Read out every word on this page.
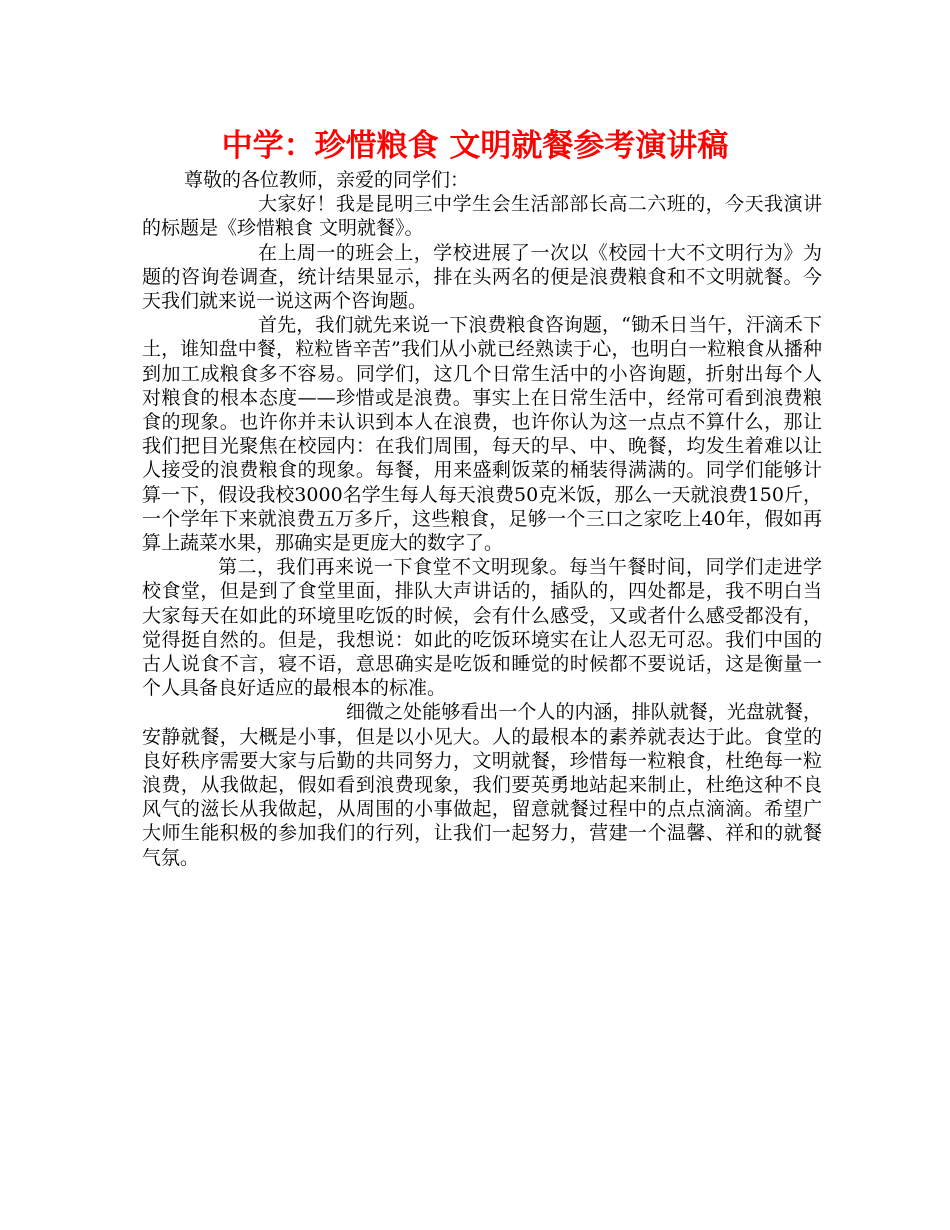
中学：珍惜粮食 文明就餐参考演讲稿

尊敬的各位教师，亲爱的同学们：

大家好！我是昆明三中学生会生活部部长高二六班的，今天我演讲的标题是《珍惜粮食 文明就餐》。

在上周一的班会上，学校进展了一次以《校园十大不文明行为》为题的咨询卷调查，统计结果显示，排在头两名的便是浪费粮食和不文明就餐。今天我们就来说一说这两个咨询题。

首先，我们就先来说一下浪费粮食咨询题，“锄禾日当午，汗滴禾下土，谁知盘中餐，粒粒皆辛苦”我们从小就已经熟读于心，也明白一粒粮食从播种到加工成粮食多不容易。同学们，这几个日常生活中的小咨询题，折射出每个人对粮食的根本态度——珍惜或是浪费。事实上在日常生活中，经常可看到浪费粮食的现象。也许你并未认识到本人在浪费，也许你认为这一点点不算什么，那让我们把目光聚焦在校园内：在我们周围，每天的早、中、晚餐，均发生着难以让人接受的浪费粮食的现象。每餐，用来盛剩饭菜的桶装得满满的。同学们能够计算一下，假设我校3000名学生每人每天浪费50克米饭，那么一天就浪费150斤，一个学年下来就浪费五万多斤，这些粮食，足够一个三口之家吃上40年，假如再算上蔬菜水果，那确实是更庞大的数字了。

第二，我们再来说一下食堂不文明现象。每当午餐时间，同学们走进学校食堂，但是到了食堂里面，排队大声讲话的，插队的，四处都是，我不明白当大家每天在如此的环境里吃饭的时候，会有什么感受，又或者什么感受都没有，觉得挺自然的。但是，我想说：如此的吃饭环境实在让人忍无可忍。我们中国的古人说食不言，寝不语，意思确实是吃饭和睡觉的时候都不要说话，这是衡量一个人具备良好适应的最根本的标准。

细微之处能够看出一个人的内涵，排队就餐，光盘就餐，安静就餐，大概是小事，但是以小见大。人的最根本的素养就表达于此。食堂的良好秩序需要大家与后勤的共同努力，文明就餐，珍惜每一粒粮食，杜绝每一粒浪费，从我做起，假如看到浪费现象，我们要英勇地站起来制止，杜绝这种不良风气的滋长从我做起，从周围的小事做起，留意就餐过程中的点点滴滴。希望广大师生能积极的参加我们的行列，让我们一起努力，营建一个温馨、祥和的就餐气氛。
